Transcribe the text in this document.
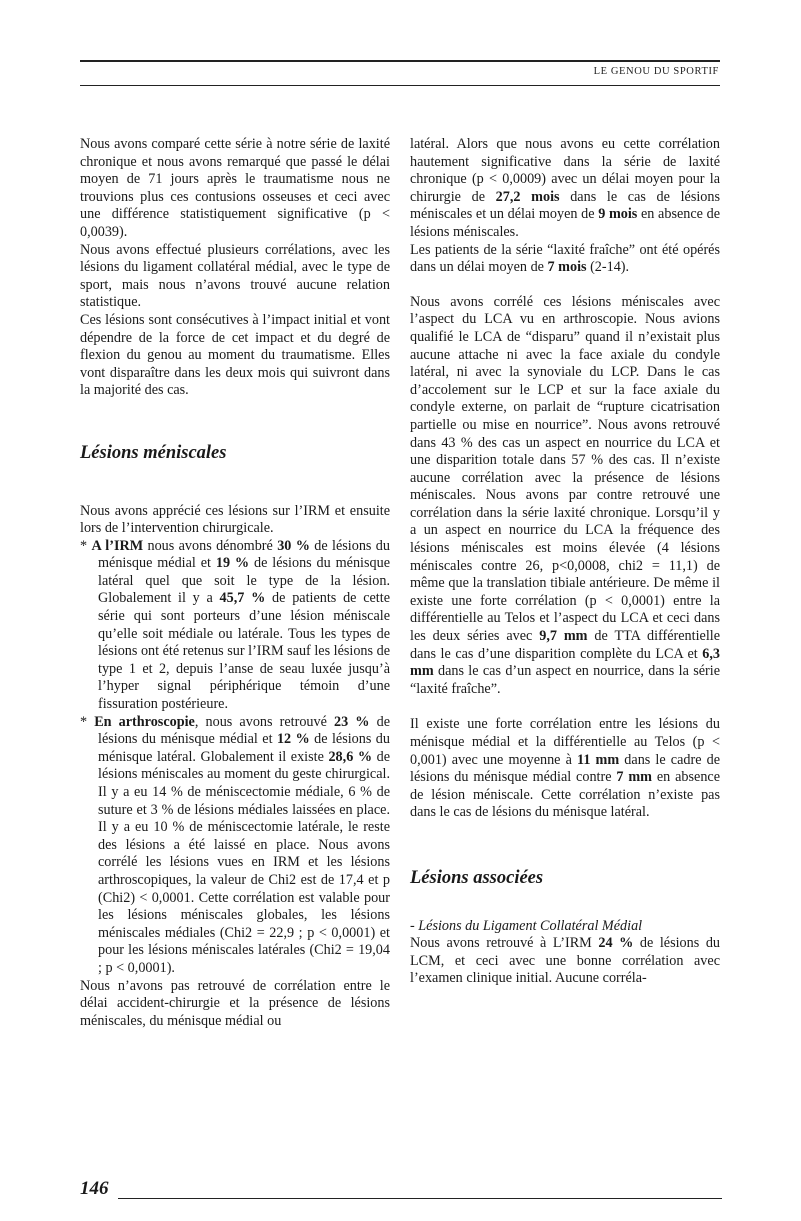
LE GENOU DU SPORTIF

Nous avons comparé cette série à notre série de laxité chronique et nous avons remarqué que passé le délai moyen de 71 jours après le traumatisme nous ne trouvions plus ces contusions osseuses et ceci avec une différence statistiquement significative (p < 0,0039).

Nous avons effectué plusieurs corrélations, avec les lésions du ligament collatéral médial, avec le type de sport, mais nous n’avons trouvé aucune relation statistique.

Ces lésions sont consécutives à l’impact initial et vont dépendre de la force de cet impact et du degré de flexion du genou au moment du traumatisme. Elles vont disparaître dans les deux mois qui suivront dans la majorité des cas.

Lésions méniscales

Nous avons apprécié ces lésions sur l’IRM et ensuite lors de l’intervention chirurgicale.

* A l’IRM nous avons dénombré 30 % de lésions du ménisque médial et 19 % de lésions du ménisque latéral quel que soit le type de la lésion. Globalement il y a 45,7 % de patients de cette série qui sont porteurs d’une lésion méniscale qu’elle soit médiale ou latérale. Tous les types de lésions ont été retenus sur l’IRM sauf les lésions de type 1 et 2, depuis l’anse de seau luxée jusqu’à l’hyper signal périphérique témoin d’une fissuration postérieure.

* En arthroscopie, nous avons retrouvé 23 % de lésions du ménisque médial et 12 % de lésions du ménisque latéral. Globalement il existe 28,6 % de lésions méniscales au moment du geste chirurgical. Il y a eu 14 % de méniscectomie médiale, 6 % de suture et 3 % de lésions médiales laissées en place. Il y a eu 10 % de méniscectomie latérale, le reste des lésions a été laissé en place. Nous avons corrélé les lésions vues en IRM et les lésions arthroscopiques, la valeur de Chi2 est de 17,4 et p (Chi2) < 0,0001. Cette corrélation est valable pour les lésions méniscales globales, les lésions méniscales médiales (Chi2 = 22,9 ; p < 0,0001) et pour les lésions méniscales latérales (Chi2 = 19,04 ; p < 0,0001).

Nous n’avons pas retrouvé de corrélation entre le délai accident-chirurgie et la présence de lésions méniscales, du ménisque médial ou

latéral. Alors que nous avons eu cette corrélation hautement significative dans la série de laxité chronique (p < 0,0009) avec un délai moyen pour la chirurgie de 27,2 mois dans le cas de lésions méniscales et un délai moyen de 9 mois en absence de lésions méniscales.

Les patients de la série “laxité fraîche” ont été opérés dans un délai moyen de 7 mois (2-14).

Nous avons corrélé ces lésions méniscales avec l’aspect du LCA vu en arthroscopie. Nous avions qualifié le LCA de “disparu” quand il n’existait plus aucune attache ni avec la face axiale du condyle latéral, ni avec la synoviale du LCP. Dans le cas d’accolement sur le LCP et sur la face axiale du condyle externe, on parlait de “rupture cicatrisation partielle ou mise en nourrice”. Nous avons retrouvé dans 43 % des cas un aspect en nourrice du LCA et une disparition totale dans 57 % des cas. Il n’existe aucune corrélation avec la présence de lésions méniscales. Nous avons par contre retrouvé une corrélation dans la série laxité chronique. Lorsqu’il y a un aspect en nourrice du LCA la fréquence des lésions méniscales est moins élevée (4 lésions méniscales contre 26, p<0,0008, chi2 = 11,1) de même que la translation tibiale antérieure. De même il existe une forte corrélation (p < 0,0001) entre la différentielle au Telos et l’aspect du LCA et ceci dans les deux séries avec 9,7 mm de TTA différentielle dans le cas d’une disparition complète du LCA et 6,3 mm dans le cas d’un aspect en nourrice, dans la série “laxité fraîche”.

Il existe une forte corrélation entre les lésions du ménisque médial et la différentielle au Telos (p < 0,001) avec une moyenne à 11 mm dans le cadre de lésions du ménisque médial contre 7 mm en absence de lésion méniscale. Cette corrélation n’existe pas dans le cas de lésions du ménisque latéral.

Lésions associées

- Lésions du Ligament Collatéral Médial

Nous avons retrouvé à L’IRM 24 % de lésions du LCM, et ceci avec une bonne corrélation avec l’examen clinique initial. Aucune corréla-

146
